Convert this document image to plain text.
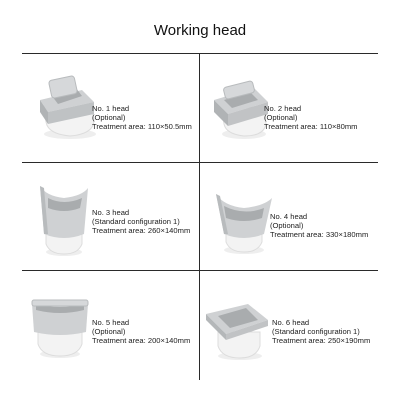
Working head
No. 1 head
(Optional)
Treatment area: 110×50.5mm
No. 2 head
(Optional)
Treatment area: 110×80mm
No. 3 head
(Standard configuration 1)
Treatment area: 260×140mm
No. 4 head
(Optional)
Treatment area: 330×180mm
No. 5 head
(Optional)
Treatment area: 200×140mm
No. 6 head
(Standard configuration 1)
Treatment area: 250×190mm
